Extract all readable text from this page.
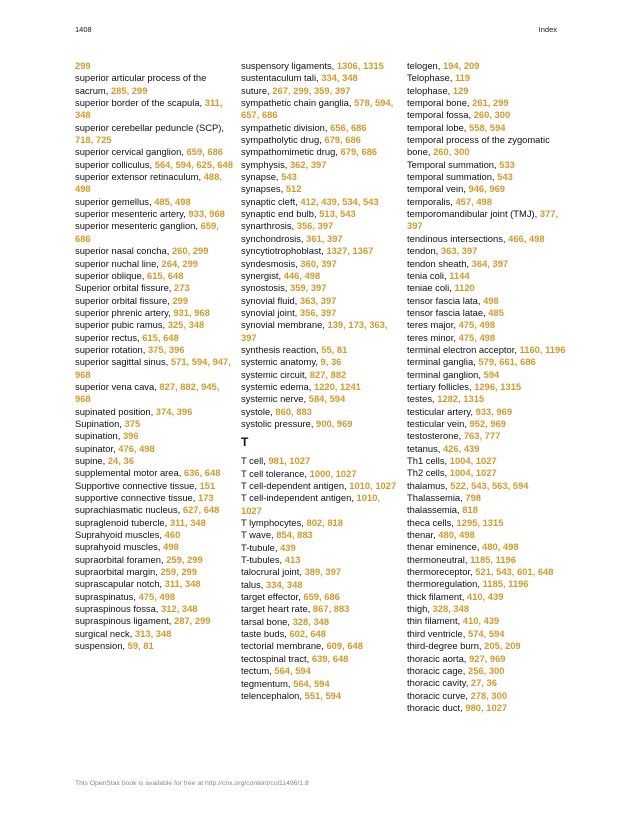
1408	Index
299
superior articular process of the sacrum, 285, 299
superior border of the scapula, 311, 348
superior cerebellar peduncle (SCP), 718, 725
superior cervical ganglion, 659, 686
superior colliculus, 564, 594, 625, 648
superior extensor retinaculum, 488, 498
superior gemellus, 485, 498
superior mesenteric artery, 933, 968
superior mesenteric ganglion, 659, 686
superior nasal concha, 260, 299
superior nuchal line, 264, 299
superior oblique, 615, 648
Superior orbital fissure, 273
superior orbital fissure, 299
superior phrenic artery, 931, 968
superior pubic ramus, 325, 348
superior rectus, 615, 648
superior rotation, 375, 396
superior sagittal sinus, 571, 594, 947, 968
superior vena cava, 827, 882, 945, 968
supinated position, 374, 396
Supination, 375
supination, 396
supinator, 476, 498
supine, 24, 36
supplemental motor area, 636, 648
Supportive connective tissue, 151
supportive connective tissue, 173
suprachiasmatic nucleus, 627, 648
supraglenoid tubercle, 311, 348
Suprahyoid muscles, 460
suprahyoid muscles, 498
supraorbital foramen, 259, 299
supraorbital margin, 259, 299
suprascapular notch, 311, 348
supraspinatus, 475, 498
supraspinous fossa, 312, 348
supraspinous ligament, 287, 299
surgical neck, 313, 348
suspension, 59, 81
suspensory ligaments, 1306, 1315
sustentaculum tali, 334, 348
suture, 267, 299, 359, 397
sympathetic chain ganglia, 578, 594, 657, 686
sympathetic division, 656, 686
sympatholytic drug, 679, 686
sympathomimetic drug, 679, 686
symphysis, 362, 397
synapse, 543
synapses, 512
synaptic cleft, 412, 439, 534, 543
synaptic end bulb, 513, 543
synarthrosis, 356, 397
synchondrosis, 361, 397
syncytiotrophoblast, 1327, 1367
syndesmosis, 360, 397
synergist, 446, 498
synostosis, 359, 397
synovial fluid, 363, 397
synovial joint, 356, 397
synovial membrane, 139, 173, 363, 397
synthesis reaction, 55, 81
systemic anatomy, 9, 36
systemic circuit, 827, 882
systemic edema, 1220, 1241
systemic nerve, 584, 594
systole, 860, 883
systolic pressure, 900, 969
T
T cell, 981, 1027
T cell tolerance, 1000, 1027
T cell-dependent antigen, 1010, 1027
T cell-independent antigen, 1010, 1027
T lymphocytes, 802, 818
T wave, 854, 883
T-tubule, 439
T-tubules, 413
talocrural joint, 389, 397
talus, 334, 348
target effector, 659, 686
target heart rate, 867, 883
tarsal bone, 328, 348
taste buds, 602, 648
tectorial membrane, 609, 648
tectospinal tract, 639, 648
tectum, 564, 594
tegmentum, 564, 594
telencephalon, 551, 594
telogen, 194, 209
Telophase, 119
telophase, 129
temporal bone, 261, 299
temporal fossa, 260, 300
temporal lobe, 558, 594
temporal process of the zygomatic bone, 260, 300
Temporal summation, 533
temporal summation, 543
temporal vein, 946, 969
temporalis, 457, 498
temporomandibular joint (TMJ), 377, 397
tendinous intersections, 466, 498
tendon, 363, 397
tendon sheath, 364, 397
tenia coli, 1144
teniae coli, 1120
tensor fascia lata, 498
tensor fascia latae, 485
teres major, 475, 498
teres minor, 475, 498
terminal electron acceptor, 1160, 1196
terminal ganglia, 579, 661, 686
terminal ganglion, 594
tertiary follicles, 1296, 1315
testes, 1282, 1315
testicular artery, 933, 969
testicular vein, 952, 969
testosterone, 763, 777
tetanus, 426, 439
Th1 cells, 1004, 1027
Th2 cells, 1004, 1027
thalamus, 522, 543, 563, 594
Thalassemia, 798
thalassemia, 818
theca cells, 1295, 1315
thenar, 480, 498
thenar eminence, 480, 498
thermoneutral, 1185, 1196
thermoreceptor, 521, 543, 601, 648
thermoregulation, 1185, 1196
thick filament, 410, 439
thigh, 328, 348
thin filament, 410, 439
third ventricle, 574, 594
third-degree burn, 205, 209
thoracic aorta, 927, 969
thoracic cage, 256, 300
thoracic cavity, 27, 36
thoracic curve, 278, 300
thoracic duct, 980, 1027
This OpenStax book is available for free at http://cnx.org/content/col11496/1.8
